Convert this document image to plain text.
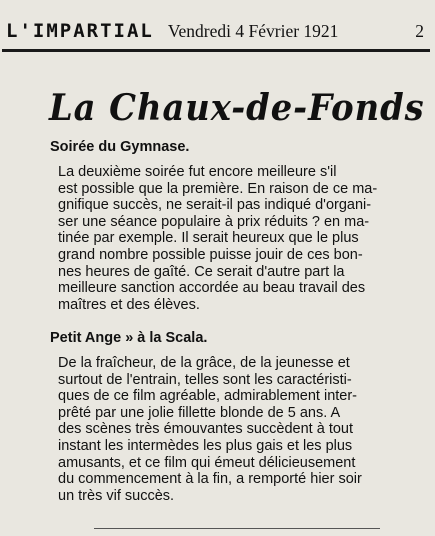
L'IMPARTIAL Vendredi 4 Février 1921	2
La Chaux-de-Fonds
Soirée du Gymnase.
La deuxième soirée fut encore meilleure s'il
est possible que la première. En raison de ce ma-
gnifique succès, ne serait-il pas indiqué d'organi-
ser une séance populaire à prix réduits ? en ma-
tinée par exemple. Il serait heureux que le plus
grand nombre possible puisse jouir de ces bon-
nes heures de gaîté. Ce serait d'autre part la
meilleure sanction accordée au beau travail des
maîtres et des élèves.
Petit Ange » à la Scala.
De la fraîcheur, de la grâce, de la jeunesse et
surtout de l'entrain, telles sont les caractéristi-
ques de ce film agréable, admirablement inter-
prêté par une jolie fillette blonde de 5 ans. A
des scènes très émouvantes succèdent à tout
instant les intermèdes les plus gais et les plus
amusants, et ce film qui émeut délicieusement
du commencement à la fin, a remporté hier soir
un très vif succès.
